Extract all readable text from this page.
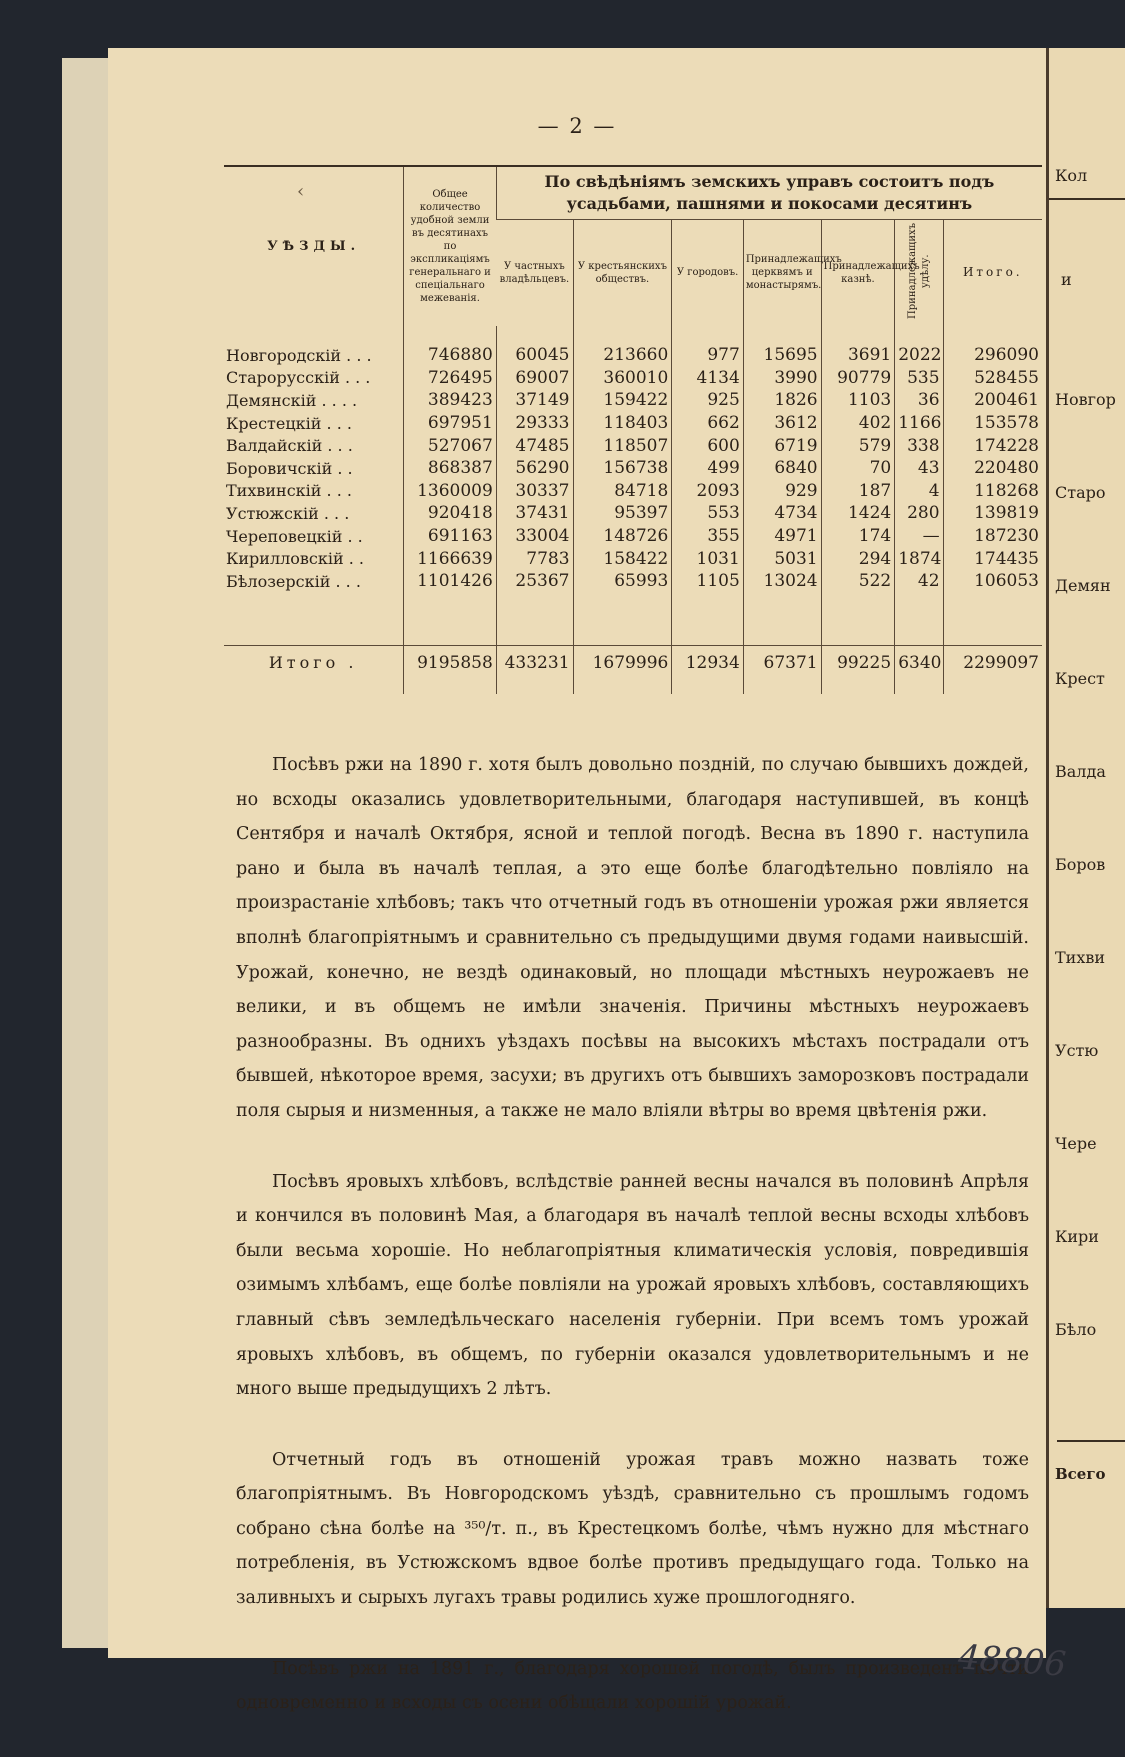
— 2 —
‹
УѢЗДЫ.	Общее количество удобной земли въ десятинахъ по экспликаціямъ генеральнаго и спеціальнаго межеванія.	По свѣдѣніямъ земскихъ управъ состоитъ подъ усадьбами, пашнями и покосами десятинъ						
		У частныхъ владѣльцевъ.	У крестьянскихъ обществъ.	У городовъ.	Принадлежащихъ церквямъ и монастырямъ.	Принадлежащихъ казнѣ.	Принадлежащихъ удѣлу.	Итого.
Новгородскій . . .	746880	60045	213660	977	15695	3691	2022	296090
Старорусскій . . .	726495	69007	360010	4134	3990	90779	535	528455
Демянскій . . . .	389423	37149	159422	925	1826	1103	36	200461
Крестецкій . . .	697951	29333	118403	662	3612	402	1166	153578
Валдайскій . . .	527067	47485	118507	600	6719	579	338	174228
Боровичскій . .	868387	56290	156738	499	6840	70	43	220480
Тихвинскій . . .	1360009	30337	84718	2093	929	187	4	118268
Устюжскій . . .	920418	37431	95397	553	4734	1424	280	139819
Череповецкій . .	691163	33004	148726	355	4971	174	—	187230
Кирилловскій . .	1166639	7783	158422	1031	5031	294	1874	174435
Бѣлозерскій . . .	1101426	25367	65993	1105	13024	522	42	106053

Итого .	9195858	433231	1679996	12934	67371	99225	6340	2299097

Посѣвъ ржи на 1890 г. хотя былъ довольно поздній, по случаю бывшихъ дождей, но всходы оказались удовлетворительными, благодаря наступившей, въ концѣ Сентября и началѣ Октября, ясной и теплой погодѣ. Весна въ 1890 г. наступила рано и была въ началѣ теплая, а это еще болѣе благодѣтельно повліяло на произрастаніе хлѣбовъ; такъ что отчетный годъ въ отношеніи урожая ржи является вполнѣ благопріятнымъ и сравнительно съ предыдущими двумя годами наивысшій. Урожай, конечно, не вездѣ одинаковый, но площади мѣстныхъ неурожаевъ не велики, и въ общемъ не имѣли значенія. Причины мѣстныхъ неурожаевъ разнообразны. Въ однихъ уѣздахъ посѣвы на высокихъ мѣстахъ пострадали отъ бывшей, нѣкоторое время, засухи; въ другихъ отъ бывшихъ заморозковъ пострадали поля сырыя и низменныя, а также не мало вліяли вѣтры во время цвѣтенія ржи.

Посѣвъ яровыхъ хлѣбовъ, вслѣдствіе ранней весны начался въ половинѣ Апрѣля и кончился въ половинѣ Мая, а благодаря въ началѣ теплой весны всходы хлѣбовъ были весьма хорошіе. Но неблагопріятныя климатическія условія, повредившія озимымъ хлѣбамъ, еще болѣе повліяли на урожай яровыхъ хлѣбовъ, составляющихъ главный сѣвъ земледѣльческаго населенія губерніи. При всемъ томъ урожай яровыхъ хлѣбовъ, въ общемъ, по губерніи оказался удовлетворительнымъ и не много выше предыдущихъ 2 лѣтъ.

Отчетный годъ въ отношеній урожая травъ можно назвать тоже благопріятнымъ. Въ Новгородскомъ уѣздѣ, сравнительно съ прошлымъ годомъ собрано сѣна болѣе на ³⁵⁰/т. п., въ Крестецкомъ болѣе, чѣмъ нужно для мѣстнаго потребленія, въ Устюжскомъ вдвое болѣе противъ предыдущаго года. Только на заливныхъ и сырыхъ лугахъ травы родились хуже прошлогодняго.

Посѣвъ ржи на 1891 г., благодаря хорошей погодѣ, былъ произведенъ почти одновременно и всходы съ осени обѣщали хорошій урожай.

48806
Кол
и
Новгор
Старо
Демян
Крест
Валда
Боров
Тихви
Устю
Чере
Кири
Бѣло
Всего
